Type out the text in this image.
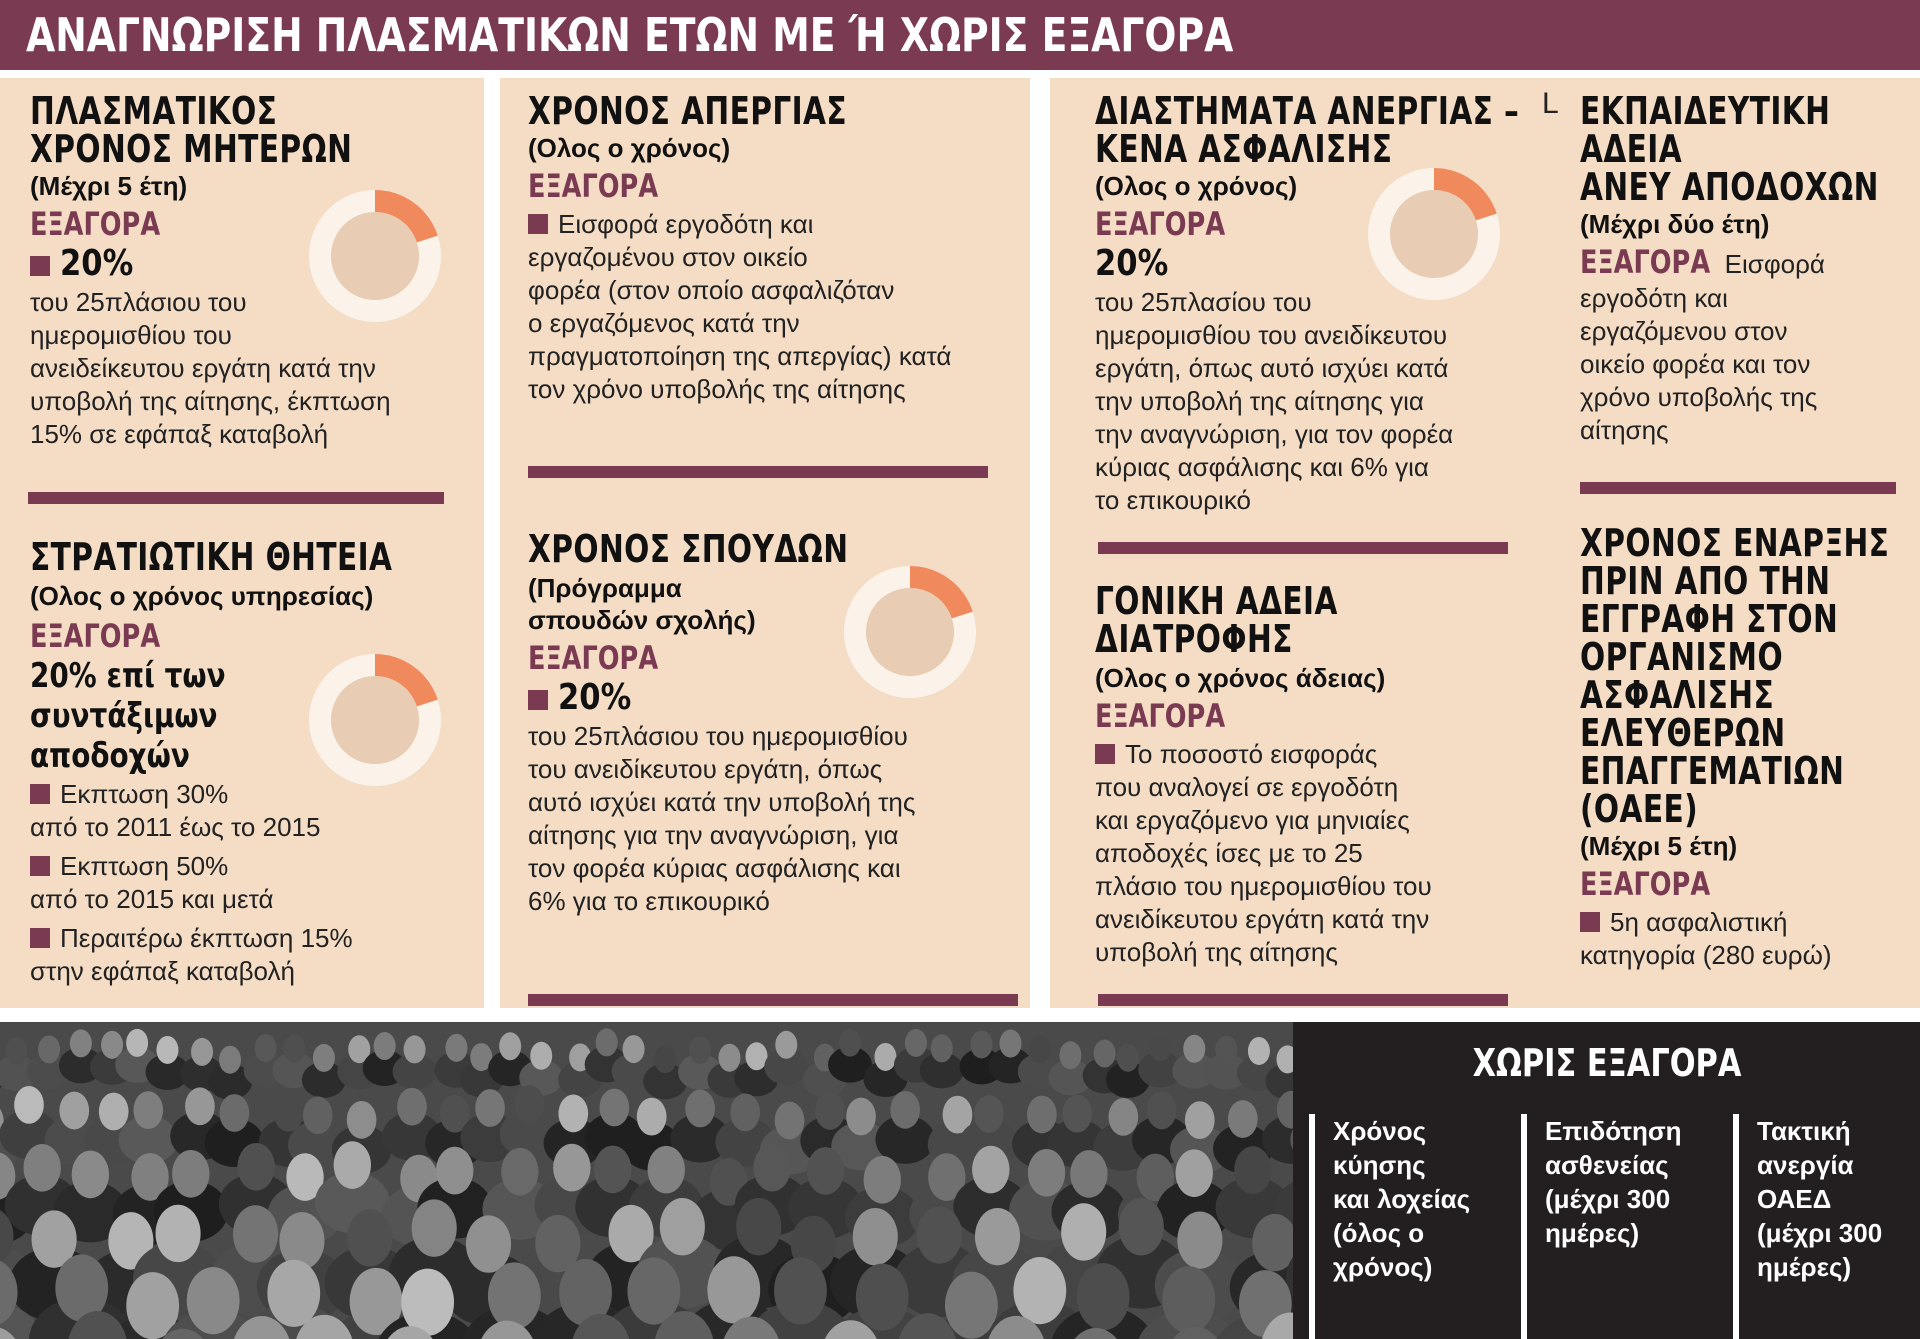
ΑΝΑΓΝΩΡΙΣΗ ΠΛΑΣΜΑΤΙΚΩΝ ΕΤΩΝ ΜΕ Ή ΧΩΡΙΣ ΕΞΑΓΟΡΑ
ΠΛΑΣΜΑΤΙΚΟΣ
ΧΡΟΝΟΣ ΜΗΤΕΡΩΝ
(Μέχρι 5 έτη)
ΕΞΑΓΟΡΑ
20%
του 25πλάσιου του
ημερομισθίου του
ανειδείκευτου εργάτη κατά την
υποβολή της αίτησης, έκπτωση
15% σε εφάπαξ καταβολή
ΣΤΡΑΤΙΩΤΙΚΗ ΘΗΤΕΙΑ
(Ολος ο χρόνος υπηρεσίας)
ΕΞΑΓΟΡΑ
20% επί των
συντάξιμων
αποδοχών
Εκπτωση 30%
από το 2011 έως το 2015
Εκπτωση 50%
από το 2015 και μετά
Περαιτέρω έκπτωση 15%
στην εφάπαξ καταβολή
ΧΡΟΝΟΣ ΑΠΕΡΓΙΑΣ
(Ολος ο χρόνος)
ΕΞΑΓΟΡΑ
Εισφορά εργοδότη και
εργαζομένου στον οικείο
φορέα (στον οποίο ασφαλιζόταν
ο εργαζόμενος κατά την
πραγματοποίηση της απεργίας) κατά
τον χρόνο υποβολής της αίτησης
ΧΡΟΝΟΣ ΣΠΟΥΔΩΝ
(Πρόγραμμα
σπουδών σχολής)
ΕΞΑΓΟΡΑ
20%
του 25πλάσιου του ημερομισθίου
του ανειδίκευτου εργάτη, όπως
αυτό ισχύει κατά την υποβολή της
αίτησης για την αναγνώριση, για
τον φορέα κύριας ασφάλισης και
6% για το επικουρικό
ΔΙΑΣΤΗΜΑΤΑ ΑΝΕΡΓΙΑΣ –
ΚΕΝΑ ΑΣΦΑΛΙΣΗΣ
(Ολος ο χρόνος)
ΕΞΑΓΟΡΑ
20%
του 25πλασίου του
ημερομισθίου του ανειδίκευτου
εργάτη, όπως αυτό ισχύει κατά
την υποβολή της αίτησης για
την αναγνώριση, για τον φορέα
κύριας ασφάλισης και 6% για
το επικουρικό
ΓΟΝΙΚΗ ΑΔΕΙΑ
ΔΙΑΤΡΟΦΗΣ
(Ολος ο χρόνος άδειας)
ΕΞΑΓΟΡΑ
Το ποσοστό εισφοράς
που αναλογεί σε εργοδότη
και εργαζόμενο για μηνιαίες
αποδοχές ίσες με το 25
πλάσιο του ημερομισθίου του
ανειδίκευτου εργάτη κατά την
υποβολή της αίτησης
L ΕΚΠΑΙΔΕΥΤΙΚΗ
ΑΔΕΙΑ
ΑΝΕΥ ΑΠΟΔΟΧΩΝ
(Μέχρι δύο έτη)
ΕΞΑΓΟΡΑ Εισφορά
εργοδότη και
εργαζόμενου στον
οικείο φορέα και τον
χρόνο υποβολής της
αίτησης
ΧΡΟΝΟΣ ΕΝΑΡΞΗΣ
ΠΡΙΝ ΑΠΟ ΤΗΝ
ΕΓΓΡΑΦΗ ΣΤΟΝ
ΟΡΓΑΝΙΣΜΟ
ΑΣΦΑΛΙΣΗΣ
ΕΛΕΥΘΕΡΩΝ
ΕΠΑΓΓΕΜΑΤΙΩΝ
(ΟΑΕΕ)
(Μέχρι 5 έτη)
ΕΞΑΓΟΡΑ
5η ασφαλιστική
κατηγορία (280 ευρώ)
ΧΩΡΙΣ ΕΞΑΓΟΡΑ
Χρόνος
κύησης
και λοχείας
(όλος ο
χρόνος)
Επιδότηση
ασθενείας
(μέχρι 300
ημέρες)
Τακτική
ανεργία
ΟΑΕΔ
(μέχρι 300
ημέρες)
